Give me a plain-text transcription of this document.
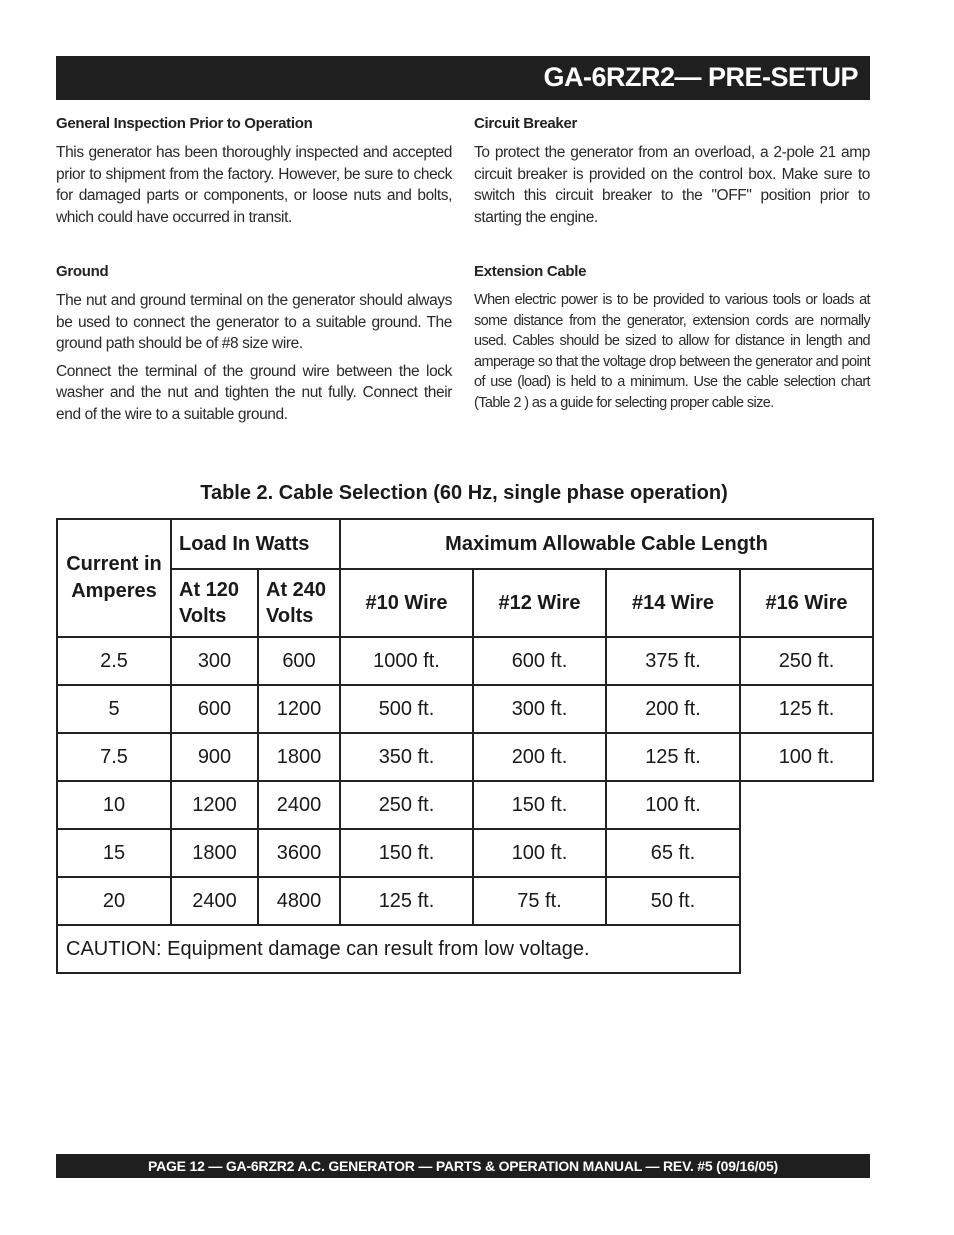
GA-6RZR2— PRE-SETUP
General Inspection Prior to Operation

This generator has been thoroughly inspected and accepted prior to shipment from the factory. However, be sure to check for damaged parts or components, or loose nuts and bolts, which could have occurred in transit.

Ground

The nut and ground terminal on the generator should always be used to connect the generator to a suitable ground. The ground path should be of #8 size wire.

Connect the terminal of the ground wire between the lock washer and the nut and tighten the nut fully. Connect their end of the wire to a suitable ground.

Circuit Breaker

To protect the generator from an overload, a 2-pole 21 amp circuit breaker is provided on the control box. Make sure to switch this circuit breaker to the "OFF" position prior to starting the engine.

Extension Cable

When electric power is to be provided to various tools or loads at some distance from the generator, extension cords are normally used. Cables should be sized to allow for distance in length and amperage so that the voltage drop between the generator and point of use (load) is held to a minimum. Use the cable selection chart (Table 2 ) as a guide for selecting proper cable size.

Table 2. Cable Selection (60 Hz, single phase operation)
Current in Amperes	Load In Watts		Maximum Allowable Cable Length			
	At 120 Volts	At 240 Volts	#10 Wire	#12 Wire	#14 Wire	#16 Wire
2.5	300	600	1000 ft.	600 ft.	375 ft.	250 ft.
5	600	1200	500 ft.	300 ft.	200 ft.	125 ft.
7.5	900	1800	350 ft.	200 ft.	125 ft.	100 ft.
10	1200	2400	250 ft.	150 ft.	100 ft.	
15	1800	3600	150 ft.	100 ft.	65 ft.	
20	2400	4800	125 ft.	75 ft.	50 ft.	
CAUTION: Equipment damage can result from low voltage.						
PAGE 12 — GA-6RZR2 A.C. GENERATOR — PARTS & OPERATION MANUAL — REV. #5 (09/16/05)
